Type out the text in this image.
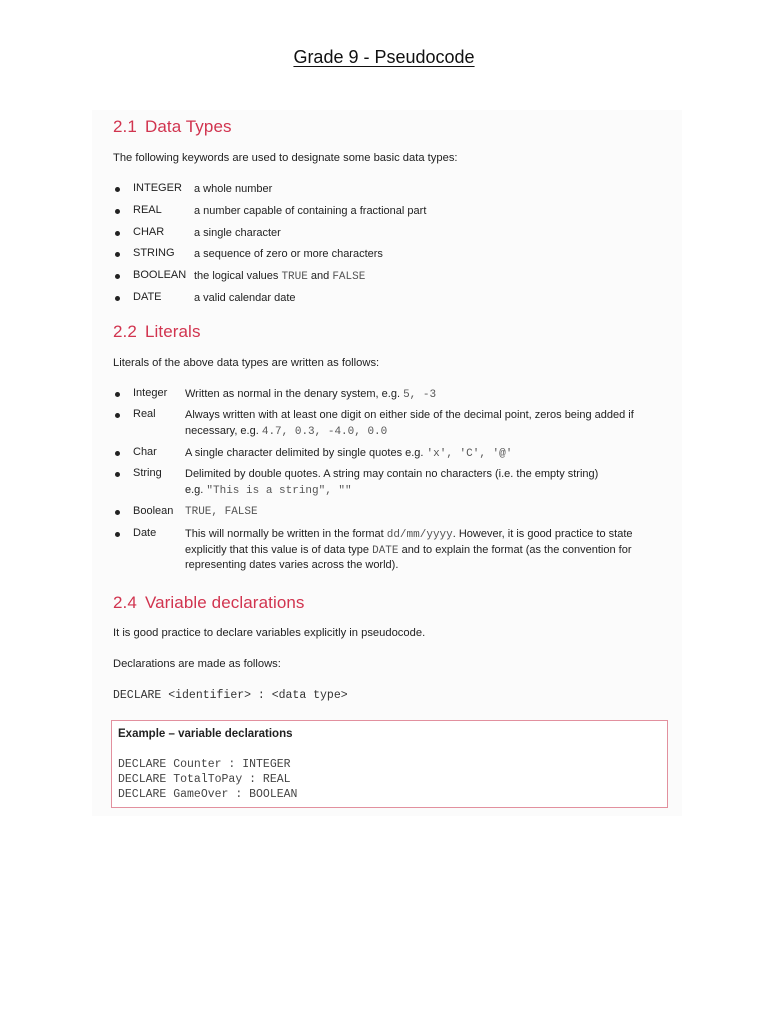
Grade 9 - Pseudocode
2.1 Data Types
The following keywords are used to designate some basic data types:
INTEGER a whole number
REAL	a number capable of containing a fractional part
CHAR	a single character
STRING a sequence of zero or more characters
BOOLEAN the logical values TRUE and FALSE
DATE	a valid calendar date
2.2 Literals
Literals of the above data types are written as follows:
Integer Written as normal in the denary system, e.g. 5, -3
Real	Always written with at least one digit on either side of the decimal point, zeros being added if
necessary, e.g. 4.7, 0.3, -4.0, 0.0
Char	A single character delimited by single quotes e.g. 'x', 'C', '@'
String Delimited by double quotes. A string may contain no characters (i.e. the empty string)
e.g. "This is a string", ""
Boolean TRUE, FALSE
Date	This will normally be written in the format dd/mm/yyyy. However, it is good practice to state
explicitly that this value is of data type DATE and to explain the format (as the convention for
representing dates varies across the world).
2.4 Variable declarations
It is good practice to declare variables explicitly in pseudocode.
Declarations are made as follows:
DECLARE <identifier> : <data type>
Example – variable declarations
DECLARE Counter : INTEGER
DECLARE TotalToPay : REAL
DECLARE GameOver : BOOLEAN
